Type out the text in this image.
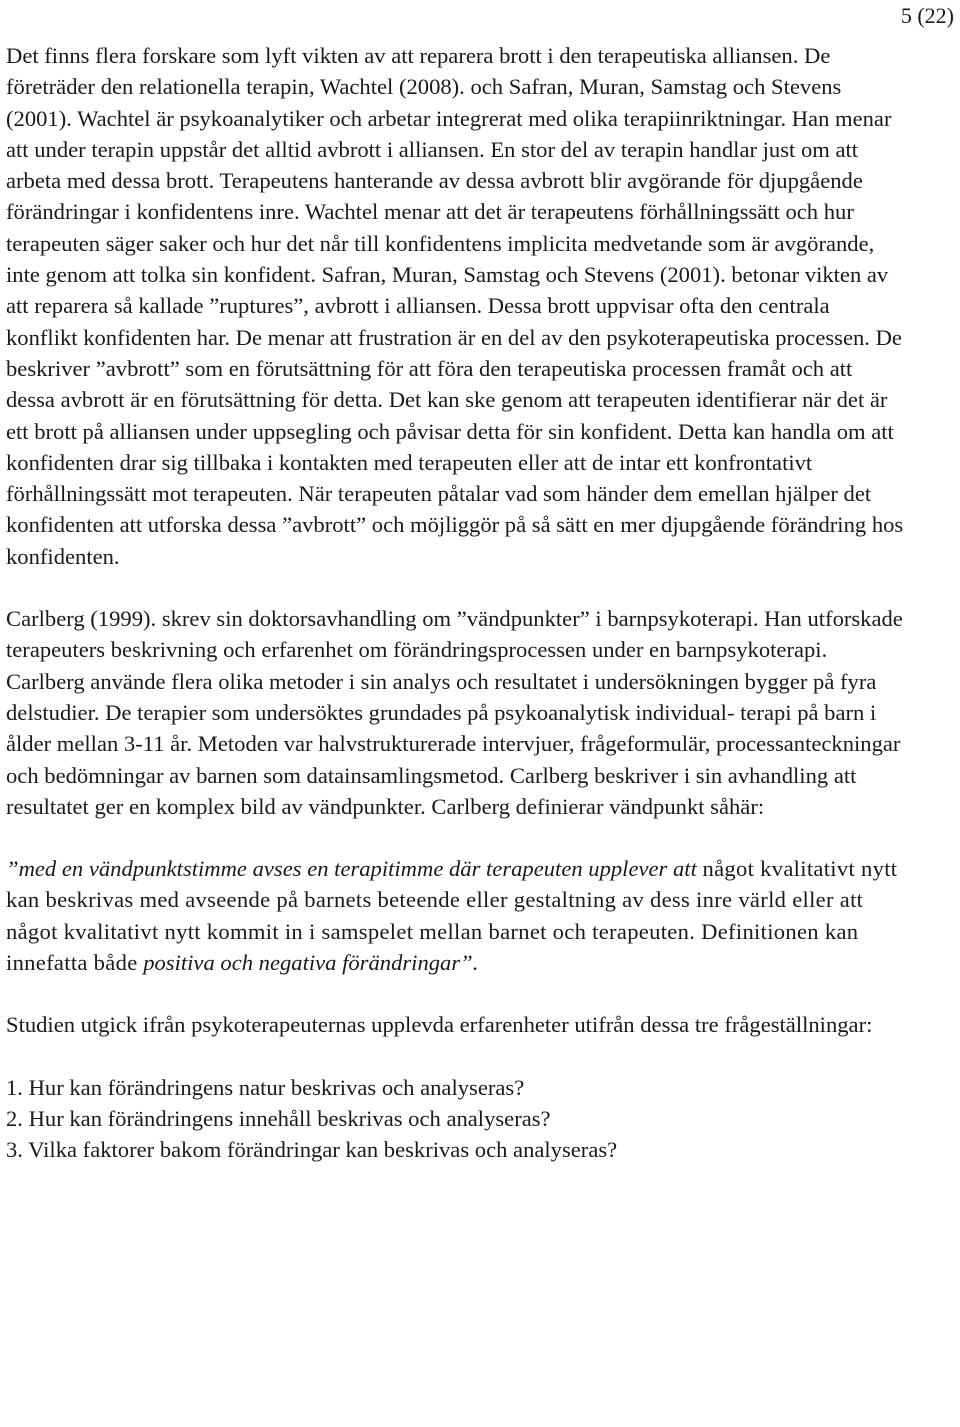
5 (22)

Det finns flera forskare som lyft vikten av att reparera brott i den terapeutiska alliansen. De företräder den relationella terapin, Wachtel (2008). och Safran, Muran, Samstag och Stevens (2001). Wachtel är psykoanalytiker och arbetar integrerat med olika terapiinriktningar. Han menar att under terapin uppstår det alltid avbrott i alliansen. En stor del av terapin handlar just om att arbeta med dessa brott. Terapeutens hanterande av dessa avbrott blir avgörande för djupgående förändringar i konfidentens inre. Wachtel menar att det är terapeutens förhållningssätt och hur terapeuten säger saker och hur det når till konfidentens implicita medvetande som är avgörande, inte genom att tolka sin konfident. Safran, Muran, Samstag och Stevens (2001). betonar vikten av att reparera så kallade ”ruptures”, avbrott i alliansen. Dessa brott uppvisar ofta den centrala konflikt konfidenten har. De menar att frustration är en del av den psykoterapeutiska processen. De beskriver ”avbrott” som en förutsättning för att föra den terapeutiska processen framåt och att dessa avbrott är en förutsättning för detta. Det kan ske genom att terapeuten identifierar när det är ett brott på alliansen under uppsegling och påvisar detta för sin konfident. Detta kan handla om att konfidenten drar sig tillbaka i kontakten med terapeuten eller att de intar ett konfrontativt förhållningssätt mot terapeuten. När terapeuten påtalar vad som händer dem emellan hjälper det konfidenten att utforska dessa ”avbrott” och möjliggör på så sätt en mer djupgående förändring hos konfidenten.

Carlberg (1999). skrev sin doktorsavhandling om ”vändpunkter” i barnpsykoterapi. Han utforskade terapeuters beskrivning och erfarenhet om förändringsprocessen under en barnpsykoterapi. Carlberg använde flera olika metoder i sin analys och resultatet i undersökningen bygger på fyra delstudier. De terapier som undersöktes grundades på psykoanalytisk individual- terapi på barn i ålder mellan 3-11 år. Metoden var halvstrukturerade intervjuer, frågeformulär, processanteckningar och bedömningar av barnen som datainsamlingsmetod. Carlberg beskriver i sin avhandling att resultatet ger en komplex bild av vändpunkter. Carlberg definierar vändpunkt såhär:

”med en vändpunktstimme avses en terapitimme där terapeuten upplever att något kvalitativt nytt kan beskrivas med avseende på barnets beteende eller gestaltning av dess inre värld eller att något kvalitativt nytt kommit in i samspelet mellan barnet och terapeuten. Definitionen kan innefatta både positiva och negativa förändringar”.

Studien utgick ifrån psykoterapeuternas upplevda erfarenheter utifrån dessa tre frågeställningar:

1. Hur kan förändringens natur beskrivas och analyseras?

2. Hur kan förändringens innehåll beskrivas och analyseras?

3. Vilka faktorer bakom förändringar kan beskrivas och analyseras?
